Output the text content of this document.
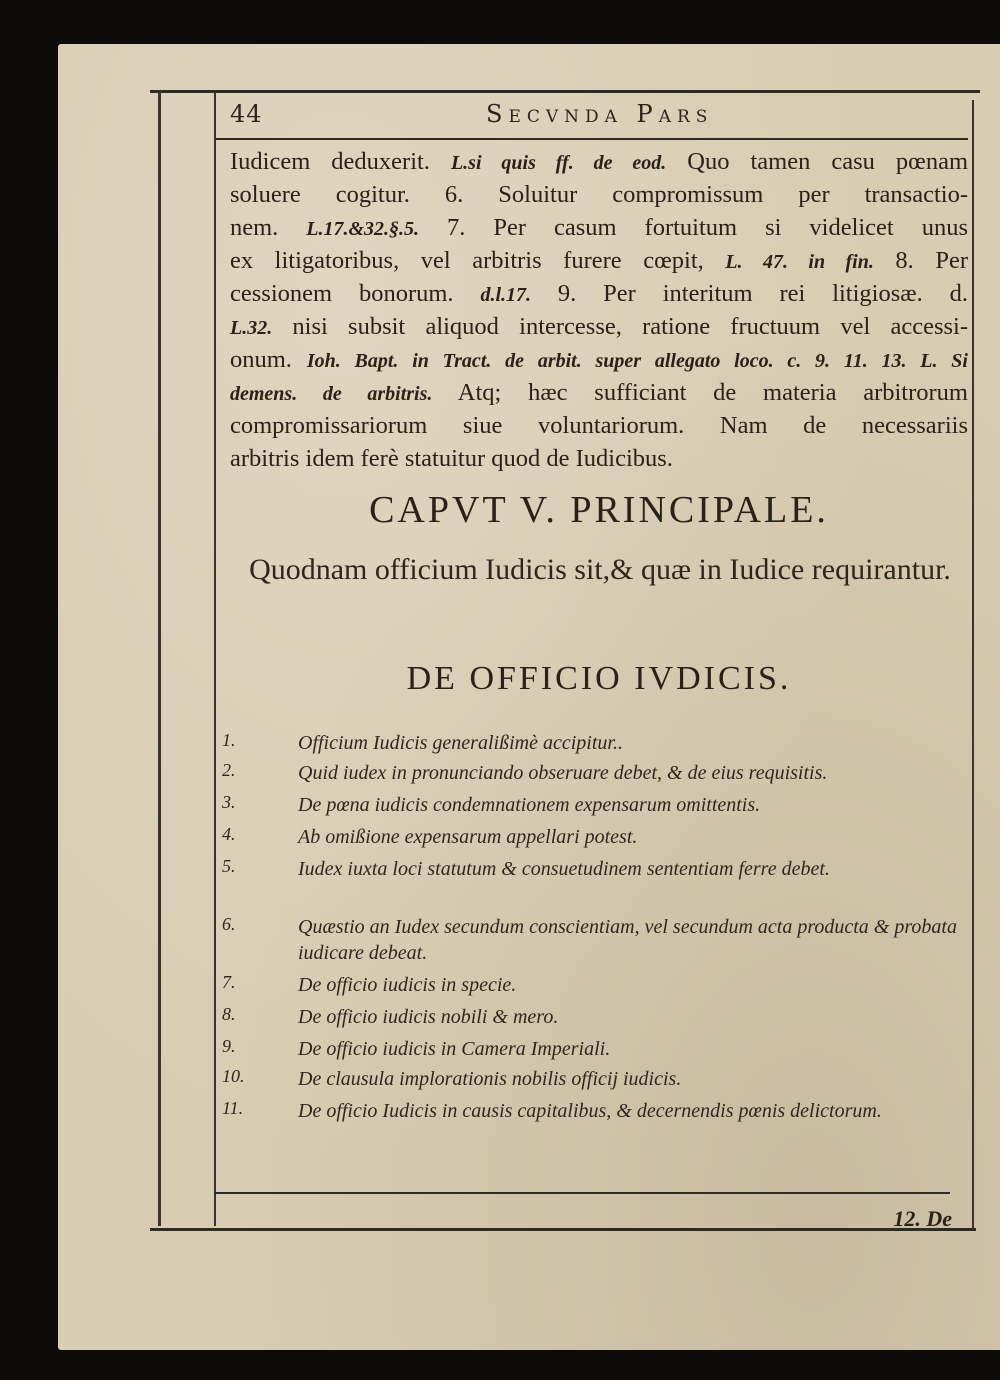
44	Secvnda Pars
Iudicem deduxerit. L.si quis ff. de eod. Quo tamen casu pœnam
soluere cogitur. 6. Soluitur compromissum per transactio-
nem. L.17.&32.§.5. 7. Per casum fortuitum si videlicet unus
ex litigatoribus, vel arbitris furere cœpit, L. 47. in fin. 8. Per
cessionem bonorum. d.l.17. 9. Per interitum rei litigiosæ. d.
L.32. nisi subsit aliquod intercesse, ratione fructuum vel accessi-
onum. Ioh. Bapt. in Tract. de arbit. super allegato loco. c. 9. 11. 13. L. Si
demens. de arbitris. Atq; hæc sufficiant de materia arbitrorum
compromissariorum siue voluntariorum. Nam de necessariis
arbitris idem ferè statuitur quod de Iudicibus.
CAPVT V. PRINCIPALE.
Quodnam officium Iudicis sit,& quæ in Iudice requirantur.
DE OFFICIO IVDICIS.
1.	Officium Iudicis generalißimè accipitur..
2.	Quid iudex in pronunciando obseruare debet, & de eius requisitis.
3.	De pœna iudicis condemnationem expensarum omittentis.
4.	Ab omißione expensarum appellari potest.
5.	Iudex iuxta loci statutum & consuetudinem sententiam ferre debet.
6.	Quæstio an Iudex secundum conscientiam, vel secundum acta producta & probata iudicare debeat.
7.	De officio iudicis in specie.
8.	De officio iudicis nobili & mero.
9.	De officio iudicis in Camera Imperiali.
10.	De clausula implorationis nobilis officij iudicis.
11.	De officio Iudicis in causis capitalibus, & decernendis pœnis delictorum.
12. De
